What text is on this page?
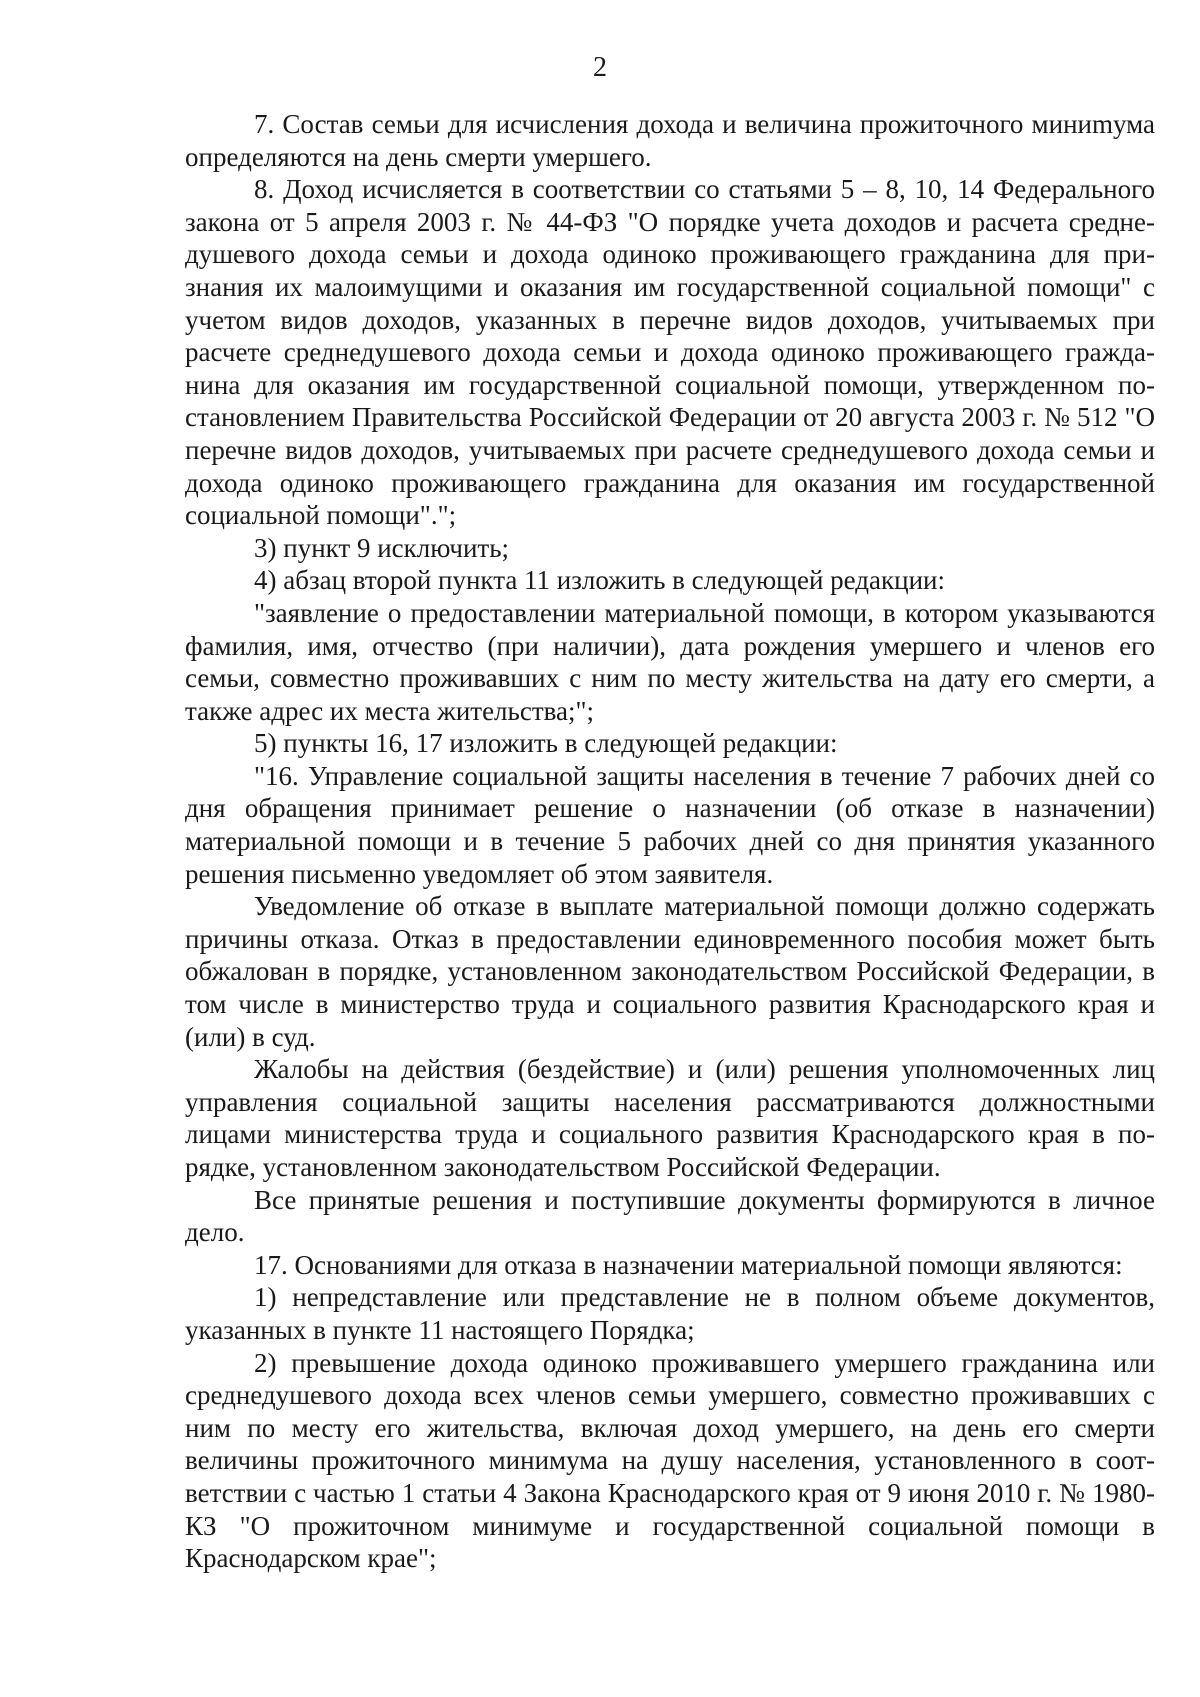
2

7. Состав семьи для исчисления дохода и величина прожиточного миниmума определяются на день смерти умершего.

8. Доход исчисляется в соответствии со статьями 5 – 8, 10, 14 Федерального закона от 5 апреля 2003 г. № 44-ФЗ "О порядке учета доходов и расчета среднедушевого дохода семьи и дохода одиноко проживающего гражданина для признания их малоимущими и оказания им государственной социальной помощи" с учетом видов доходов, указанных в перечне видов доходов, учитываемых при расчете среднедушевого дохода семьи и дохода одиноко проживающего гражданина для оказания им государственной социальной помощи, утвержденном постановлением Правительства Российской Федерации от 20 августа 2003 г. № 512 "О перечне видов доходов, учитываемых при расчете среднедушевого дохода семьи и дохода одиноко проживающего гражданина для оказания им государственной социальной помощи".";

3) пункт 9 исключить;

4) абзац второй пункта 11 изложить в следующей редакции:

"заявление о предоставлении материальной помощи, в котором указываются фамилия, имя, отчество (при наличии), дата рождения умершего и членов его семьи, совместно проживавших с ним по месту жительства на дату его смерти, а также адрес их места жительства;";

5) пункты 16, 17 изложить в следующей редакции:

"16. Управление социальной защиты населения в течение 7 рабочих дней со дня обращения принимает решение о назначении (об отказе в назначении) материальной помощи и в течение 5 рабочих дней со дня принятия указанного решения письменно уведомляет об этом заявителя.

Уведомление об отказе в выплате материальной помощи должно содержать причины отказа. Отказ в предоставлении единовременного пособия может быть обжалован в порядке, установленном законодательством Российской Федерации, в том числе в министерство труда и социального развития Краснодарского края и (или) в суд.

Жалобы на действия (бездействие) и (или) решения уполномоченных лиц управления социальной защиты населения рассматриваются должностными лицами министерства труда и социального развития Краснодарского края в порядке, установленном законодательством Российской Федерации.

Все принятые решения и поступившие документы формируются в личное дело.

17. Основаниями для отказа в назначении материальной помощи являются:

1) непредставление или представление не в полном объеме документов, указанных в пункте 11 настоящего Порядка;

2) превышение дохода одиноко проживавшего умершего гражданина или среднедушевого дохода всех членов семьи умершего, совместно проживавших с ним по месту его жительства, включая доход умершего, на день его смерти величины прожиточного минимума на душу населения, установленного в соответствии с частью 1 статьи 4 Закона Краснодарского края от 9 июня 2010 г. № 1980-КЗ "О прожиточном минимуме и государственной социальной помощи в Краснодарском крае";
